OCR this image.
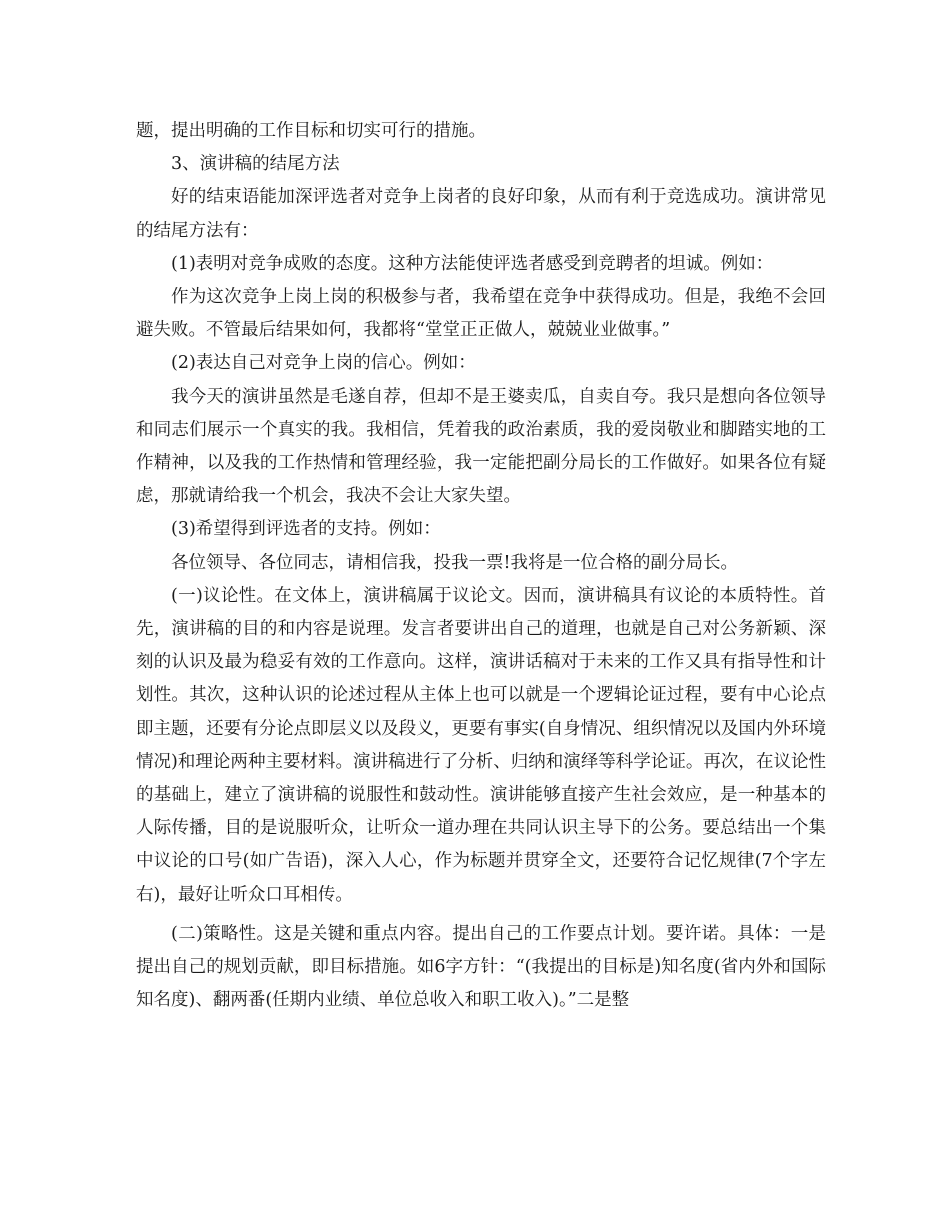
题，提出明确的工作目标和切实可行的措施。

3、演讲稿的结尾方法

好的结束语能加深评选者对竞争上岗者的良好印象，从而有利于竞选成功。演讲常见的结尾方法有：

(1)表明对竞争成败的态度。这种方法能使评选者感受到竞聘者的坦诚。例如：

作为这次竞争上岗上岗的积极参与者，我希望在竞争中获得成功。但是，我绝不会回避失败。不管最后结果如何，我都将“堂堂正正做人，兢兢业业做事。”

(2)表达自己对竞争上岗的信心。例如：

我今天的演讲虽然是毛遂自荐，但却不是王婆卖瓜，自卖自夸。我只是想向各位领导和同志们展示一个真实的我。我相信，凭着我的政治素质，我的爱岗敬业和脚踏实地的工作精神，以及我的工作热情和管理经验，我一定能把副分局长的工作做好。如果各位有疑虑，那就请给我一个机会，我决不会让大家失望。

(3)希望得到评选者的支持。例如：

各位领导、各位同志，请相信我，投我一票!我将是一位合格的副分局长。

(一)议论性。在文体上，演讲稿属于议论文。因而，演讲稿具有议论的本质特性。首先，演讲稿的目的和内容是说理。发言者要讲出自己的道理，也就是自己对公务新颖、深刻的认识及最为稳妥有效的工作意向。这样，演讲话稿对于未来的工作又具有指导性和计划性。其次，这种认识的论述过程从主体上也可以就是一个逻辑论证过程，要有中心论点即主题，还要有分论点即层义以及段义，更要有事实(自身情况、组织情况以及国内外环境情况)和理论两种主要材料。演讲稿进行了分析、归纳和演绎等科学论证。再次，在议论性的基础上，建立了演讲稿的说服性和鼓动性。演讲能够直接产生社会效应，是一种基本的人际传播，目的是说服听众，让听众一道办理在共同认识主导下的公务。要总结出一个集中议论的口号(如广告语)，深入人心，作为标题并贯穿全文，还要符合记忆规律(7个字左右)，最好让听众口耳相传。

(二)策略性。这是关键和重点内容。提出自己的工作要点计划。要许诺。具体：一是提出自己的规划贡献，即目标措施。如6字方针：“(我提出的目标是)知名度(省内外和国际知名度)、翻两番(任期内业绩、单位总收入和职工收入)。”二是整
